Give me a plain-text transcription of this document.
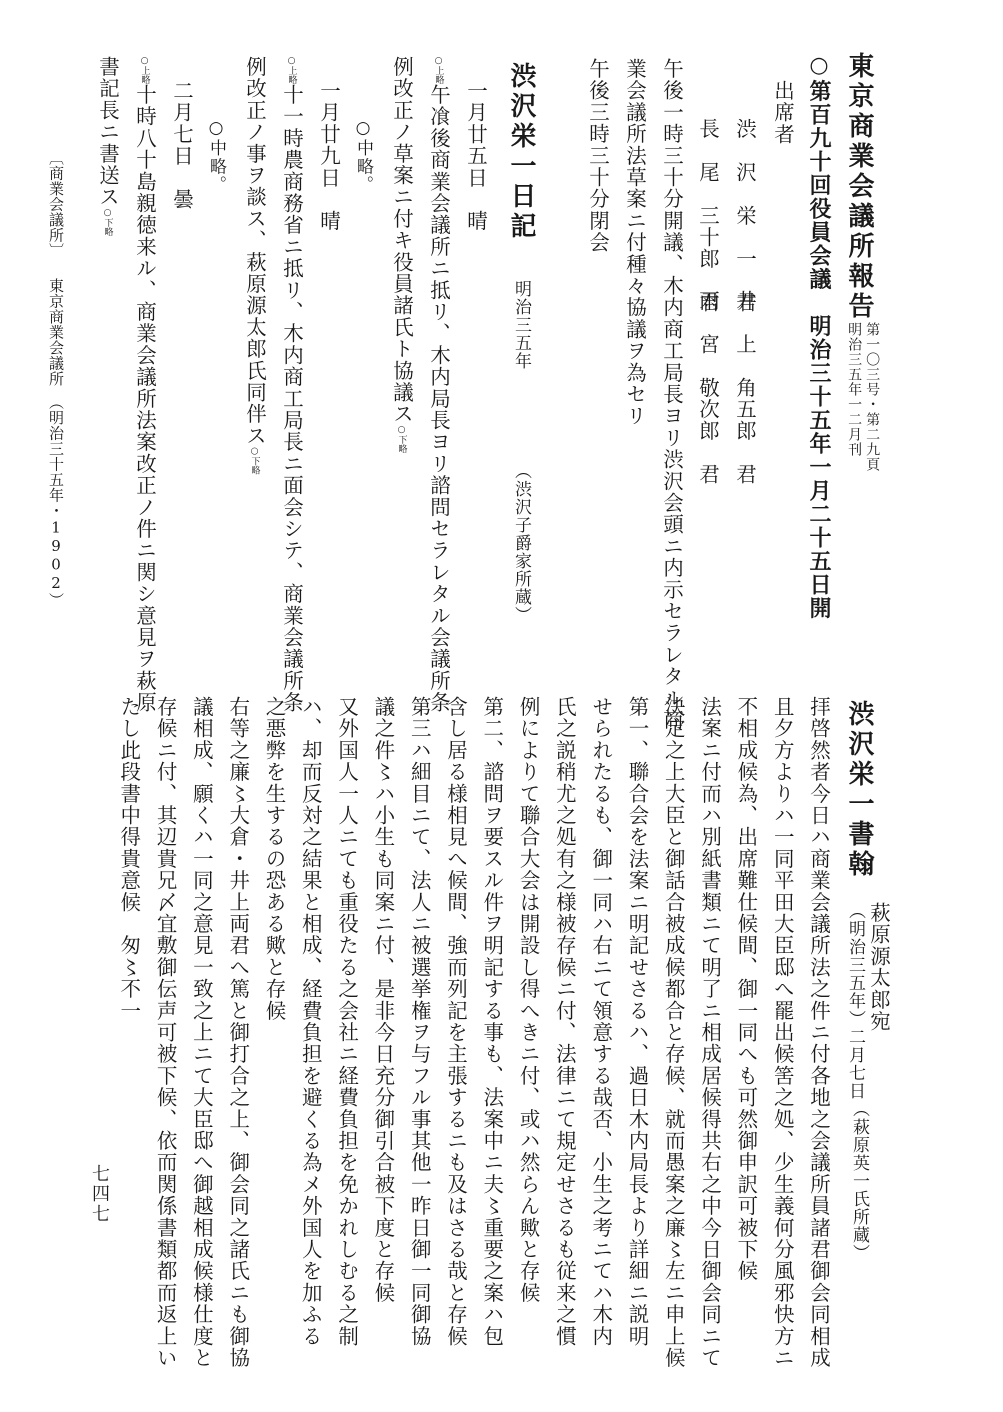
東京商業会議所報告
第一〇三号・第二九頁
明治三五年一二月刊
○第百九十回役員会議　明治三十五年一月二十五日開
出席者
渋　沢　栄　一　君
井　上　角五郎　君
長　尾　三十郎　君
雨　宮　敬次郎　君
午後一時三十分開議、木内商工局長ヨリ渋沢会頭ニ内示セラレタル商
業会議所法草案ニ付種々協議ヲ為セリ
午後三時三十分閉会
渋沢栄一日記
明治三五年
（渋沢子爵家所蔵）
一月廿五日　晴
○上略午飡後商業会議所ニ抵リ、木内局長ヨリ諮問セラレタル会議所条
例改正ノ草案ニ付キ役員諸氏ト協議ス○下略
○中略。
一月廿九日　晴
○上略十一時農商務省ニ抵リ、木内商工局長ニ面会シテ、商業会議所条
例改正ノ事ヲ談ス、萩原源太郎氏同伴ス○下略
○中略。
二月七日　曇
○上略十時八十島親徳来ル、商業会議所法案改正ノ件ニ関シ意見ヲ萩原
書記長ニ書送ス○下略
〔商業会議所〕
東京商業会議所　（明治三十五年・1902）
渋沢栄一書翰
萩原源太郎宛
（明治三五年）二月七日
（萩原英一氏所蔵）
拝啓然者今日ハ商業会議所法之件ニ付各地之会議所員諸君御会同相成
且夕方よりハ一同平田大臣邸へ罷出候筈之処、少生義何分風邪快方ニ
不相成候為、出席難仕候間、御一同へも可然御申訳可被下候
法案ニ付而ハ別紙書類ニて明了ニ相成居候得共右之中今日御会同ニて
決定之上大臣と御話合被成候都合と存候、就而愚案之廉〻左ニ申上候
第一、聯合会を法案ニ明記せさるハ、過日木内局長より詳細ニ説明
せられたるも、御一同ハ右ニて領意する哉否、小生之考ニてハ木内
氏之説稍尤之処有之様被存候ニ付、法律ニて規定せさるも従来之慣
例によりて聯合大会は開設し得へきニ付、或ハ然らん歟と存候
第二、諮問ヲ要スル件ヲ明記する事も、法案中ニ夫〻重要之案ハ包
含し居る様相見へ候間、強而列記を主張するニも及はさる哉と存候
第三ハ細目ニて、法人ニ被選挙権ヲ与フル事其他一昨日御一同御協
議之件〻ハ小生も同案ニ付、是非今日充分御引合被下度と存候
又外国人一人ニても重役たる之会社ニ経費負担を免かれしむる之制
ハ、却而反対之結果と相成、経費負担を避くる為メ外国人を加ふる
之悪弊を生するの恐ある歟と存候
右等之廉〻大倉・井上両君へ篤と御打合之上、御会同之諸氏ニも御協
議相成、願くハ一同之意見一致之上ニて大臣邸へ御越相成候様仕度と
存候ニ付、其辺貴兄〆宜敷御伝声可被下候、依而関係書類都而返上い
たし此段書中得貴意候　匆〻不一
七四七
